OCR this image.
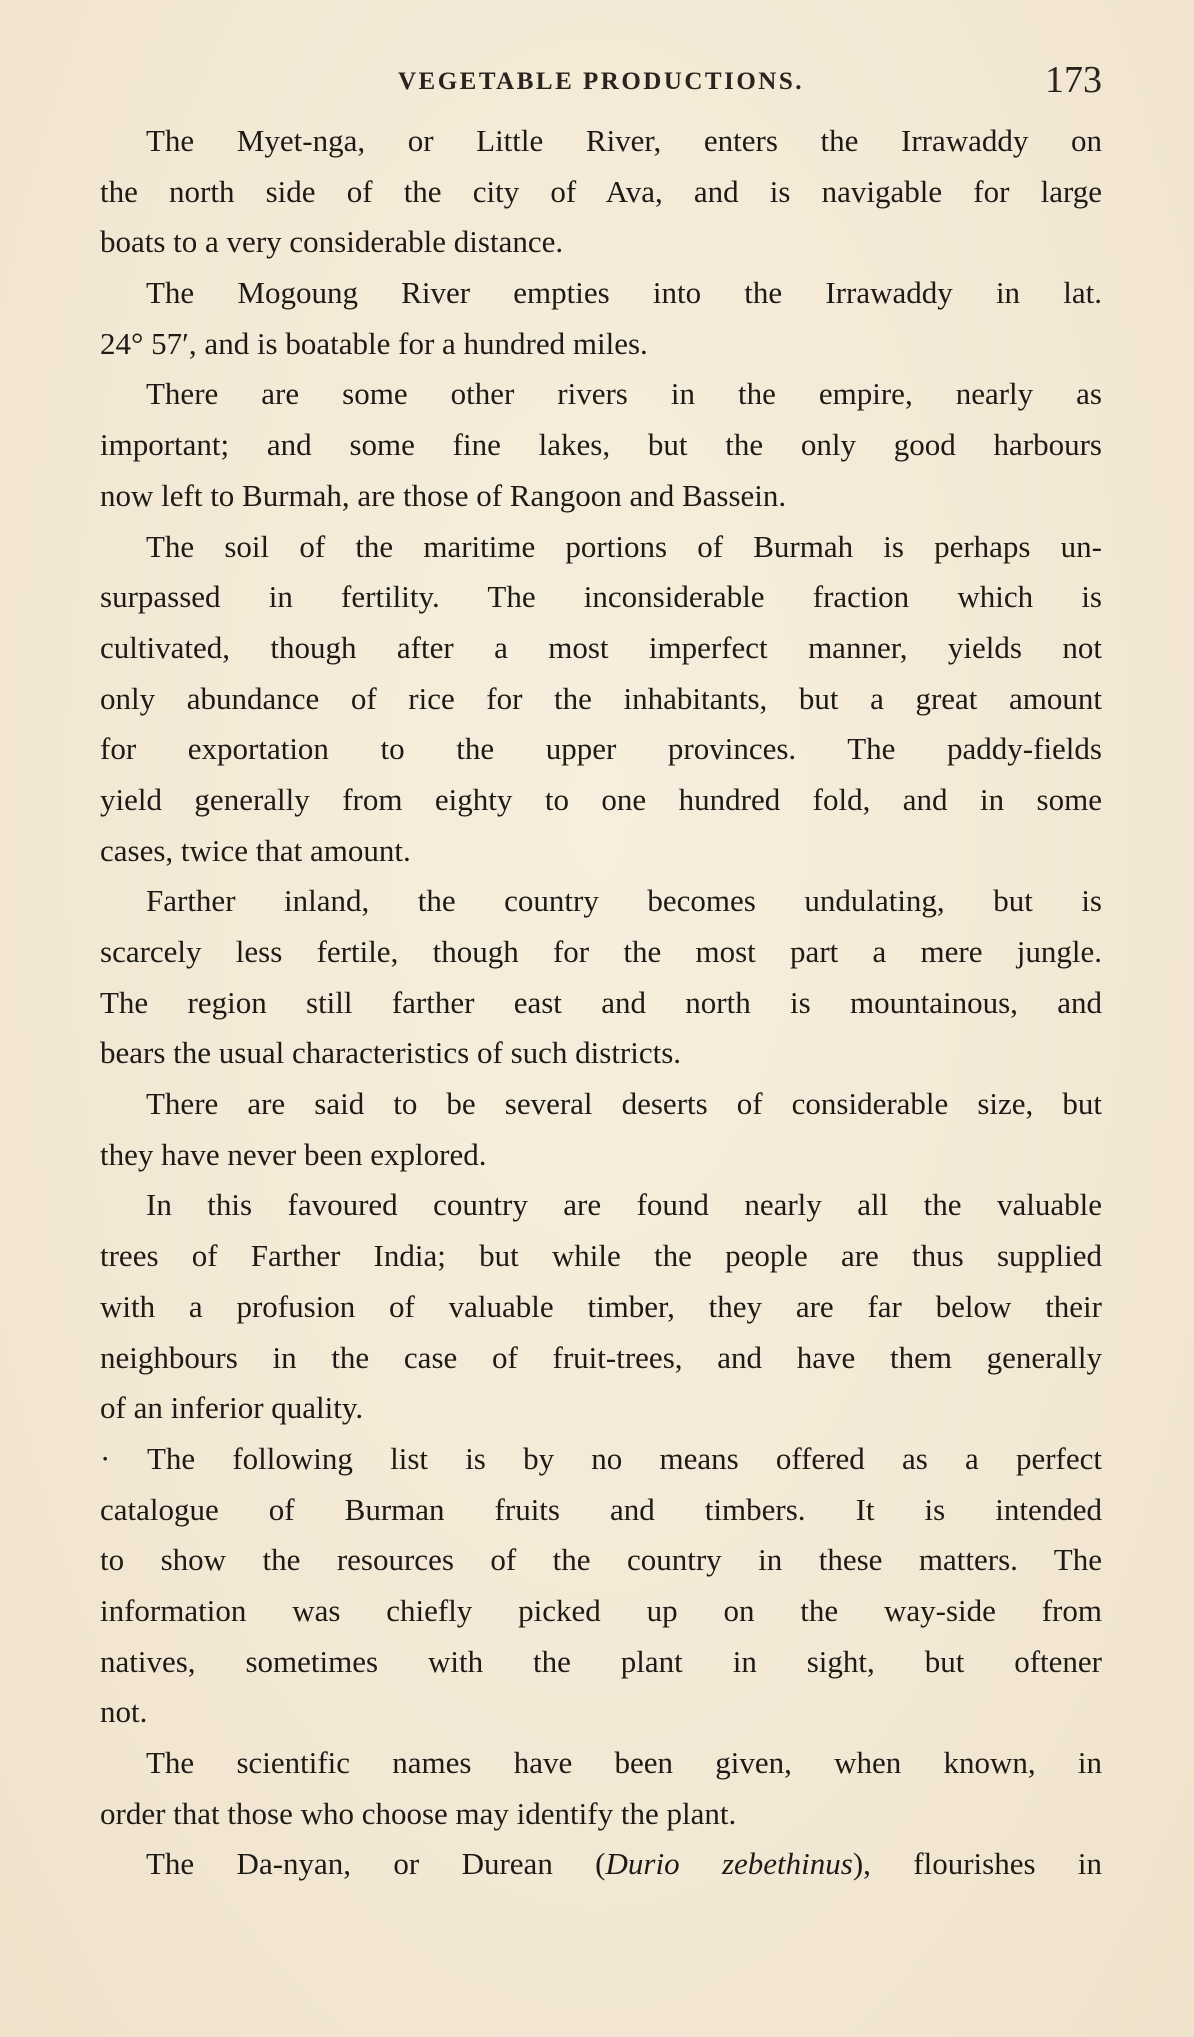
VEGETABLE PRODUCTIONS.	173
The Myet-nga, or Little River, enters the Irrawaddy on
the north side of the city of Ava, and is navigable for large
boats to a very considerable distance.
The Mogoung River empties into the Irrawaddy in lat.
24° 57′, and is boatable for a hundred miles.
There are some other rivers in the empire, nearly as
important; and some fine lakes, but the only good harbours
now left to Burmah, are those of Rangoon and Bassein.
The soil of the maritime portions of Burmah is perhaps un-
surpassed in fertility. The inconsiderable fraction which is
cultivated, though after a most imperfect manner, yields not
only abundance of rice for the inhabitants, but a great amount
for exportation to the upper provinces. The paddy-fields
yield generally from eighty to one hundred fold, and in some
cases, twice that amount.
Farther inland, the country becomes undulating, but is
scarcely less fertile, though for the most part a mere jungle.
The region still farther east and north is mountainous, and
bears the usual characteristics of such districts.
There are said to be several deserts of considerable size, but
they have never been explored.
In this favoured country are found nearly all the valuable
trees of Farther India; but while the people are thus supplied
with a profusion of valuable timber, they are far below their
neighbours in the case of fruit-trees, and have them generally
of an inferior quality.
· The following list is by no means offered as a perfect
catalogue of Burman fruits and timbers. It is intended
to show the resources of the country in these matters. The
information was chiefly picked up on the way-side from
natives, sometimes with the plant in sight, but oftener
not.
The scientific names have been given, when known, in
order that those who choose may identify the plant.
The Da-nyan, or Durean (Durio zebethinus), flourishes in
